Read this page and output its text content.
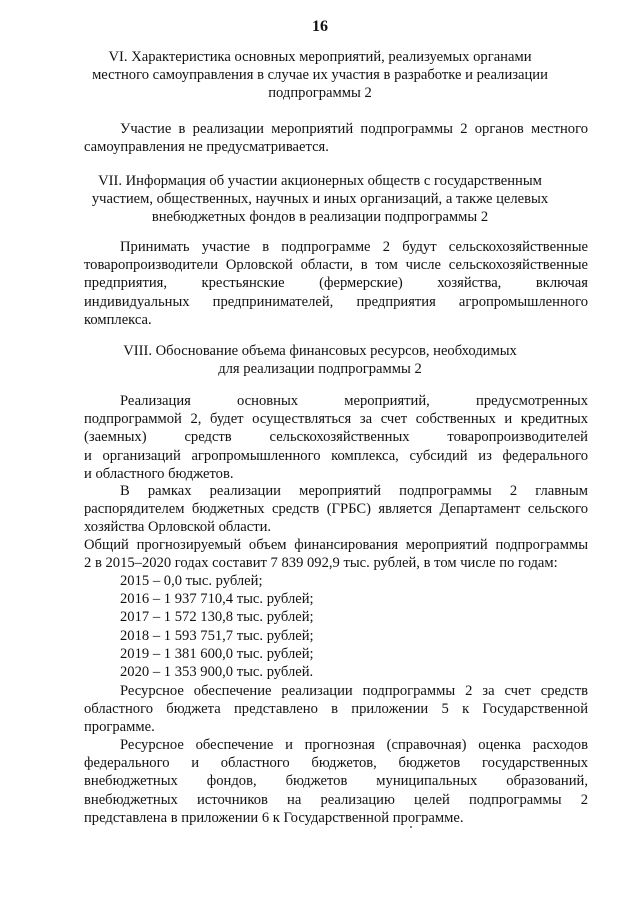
16
VI. Характеристика основных мероприятий, реализуемых органами
местного самоуправления в случае их участия в разработке и реализации
подпрограммы 2
Участие в реализации мероприятий подпрограммы 2 органов местного
самоуправления не предусматривается.
VII. Информация об участии акционерных обществ с государственным
участием, общественных, научных и иных организаций, а также целевых
внебюджетных фондов в реализации подпрограммы 2
Принимать участие в подпрограмме 2 будут сельскохозяйственные
товаропроизводители Орловской области, в том числе сельскохозяйственные
предприятия, крестьянские (фермерские) хозяйства, включая
индивидуальных предпринимателей, предприятия агропромышленного
комплекса.
VIII. Обоснование объема финансовых ресурсов, необходимых
для реализации подпрограммы 2
Реализация основных мероприятий, предусмотренных
подпрограммой 2, будет осуществляться за счет собственных и кредитных
(заемных) средств сельскохозяйственных товаропроизводителей
и организаций агропромышленного комплекса, субсидий из федерального
и областного бюджетов.
В рамках реализации мероприятий подпрограммы 2 главным
распорядителем бюджетных средств (ГРБС) является Департамент сельского
хозяйства Орловской области.
Общий прогнозируемый объем финансирования мероприятий подпрограммы
2 в 2015–2020 годах составит 7 839 092,9 тыс. рублей, в том числе по годам:
2015 – 0,0 тыс. рублей;
2016 – 1 937 710,4 тыс. рублей;
2017 – 1 572 130,8 тыс. рублей;
2018 – 1 593 751,7 тыс. рублей;
2019 – 1 381 600,0 тыс. рублей;
2020 – 1 353 900,0 тыс. рублей.
Ресурсное обеспечение реализации подпрограммы 2 за счет средств
областного бюджета представлено в приложении 5 к Государственной
программе.
Ресурсное обеспечение и прогнозная (справочная) оценка расходов
федерального и областного бюджетов, бюджетов государственных
внебюджетных фондов, бюджетов муниципальных образований,
внебюджетных источников на реализацию целей подпрограммы 2
представлена в приложении 6 к Государственной программе.
